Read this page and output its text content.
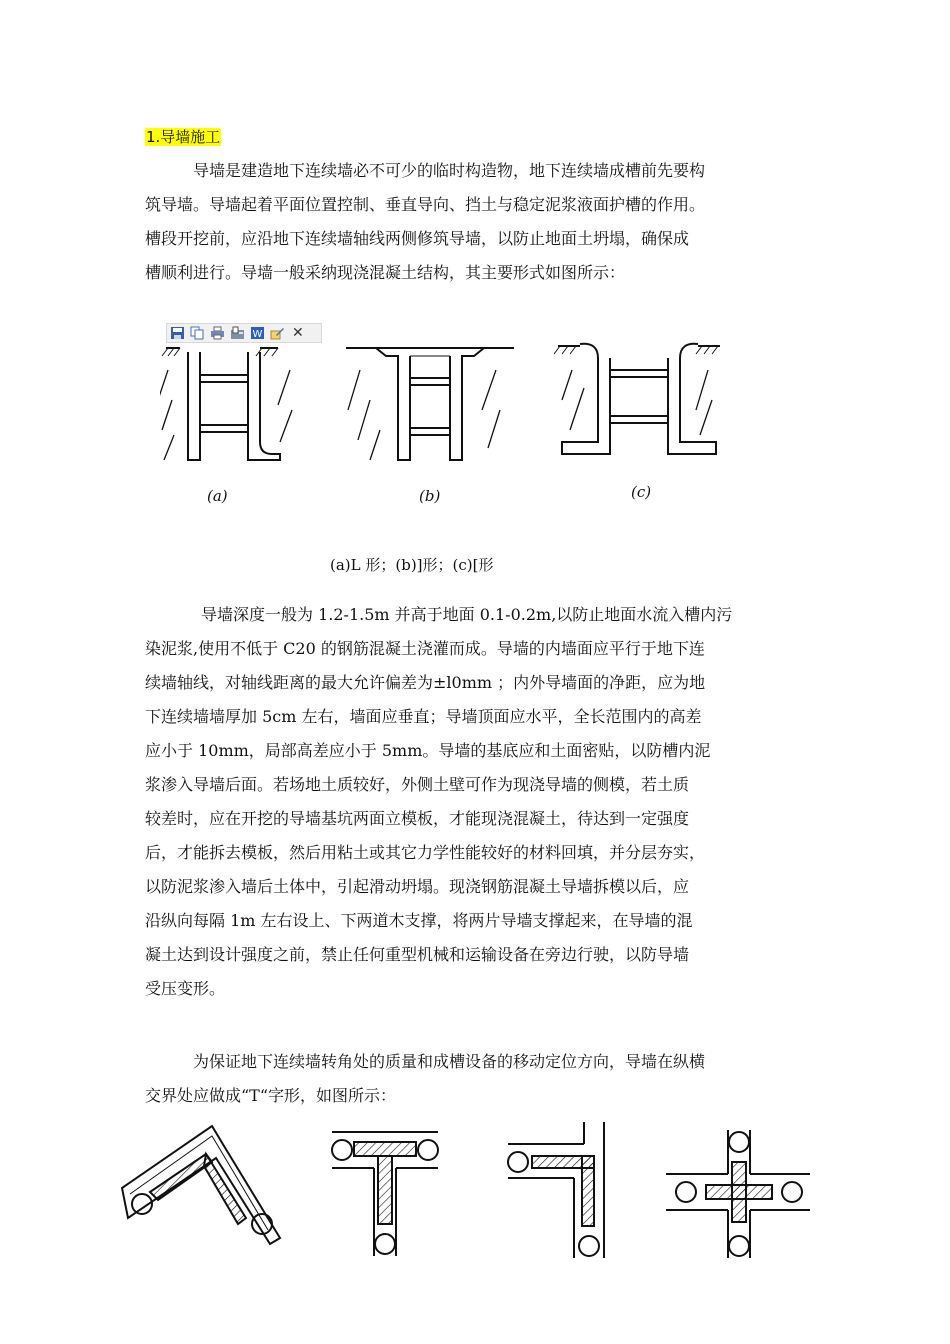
1.导墙施工

导墙是建造地下连续墙必不可少的临时构造物，地下连续墙成槽前先要构
筑导墙。导墙起着平面位置控制、垂直导向、挡土与稳定泥浆液面护槽的作用。
槽段开挖前，应沿地下连续墙轴线两侧修筑导墙，以防止地面土坍塌，确保成
槽顺利进行。导墙一般采纳现浇混凝土结构，其主要形式如图所示：

W ✕
(a)	(b)	(c)
(a)L 形；(b)]形；(c)[形

导墙深度一般为 1.2-1.5m 并高于地面 0.1-0.2m,以防止地面水流入槽内污
染泥浆,使用不低于 C20 的钢筋混凝土浇灌而成。导墙的内墙面应平行于地下连
续墙轴线，对轴线距离的最大允许偏差为±l0mm ；内外导墙面的净距，应为地
下连续墙墙厚加 5cm 左右，墙面应垂直；导墙顶面应水平，全长范围内的高差
应小于 10mm，局部高差应小于 5mm。导墙的基底应和土面密贴，以防槽内泥
浆渗入导墙后面。若场地土质较好，外侧土壁可作为现浇导墙的侧模，若土质
较差时，应在开挖的导墙基坑两面立模板，才能现浇混凝土，待达到一定强度
后，才能拆去模板，然后用粘土或其它力学性能较好的材料回填，并分层夯实，
以防泥浆渗入墙后土体中，引起滑动坍塌。现浇钢筋混凝土导墙拆模以后，应
沿纵向每隔 1m 左右设上、下两道木支撑，将两片导墙支撑起来，在导墙的混
凝土达到设计强度之前，禁止任何重型机械和运输设备在旁边行驶，以防导墙
受压变形。

为保证地下连续墙转角处的质量和成槽设备的移动定位方向，导墙在纵横
交界处应做成“T“字形，如图所示：
